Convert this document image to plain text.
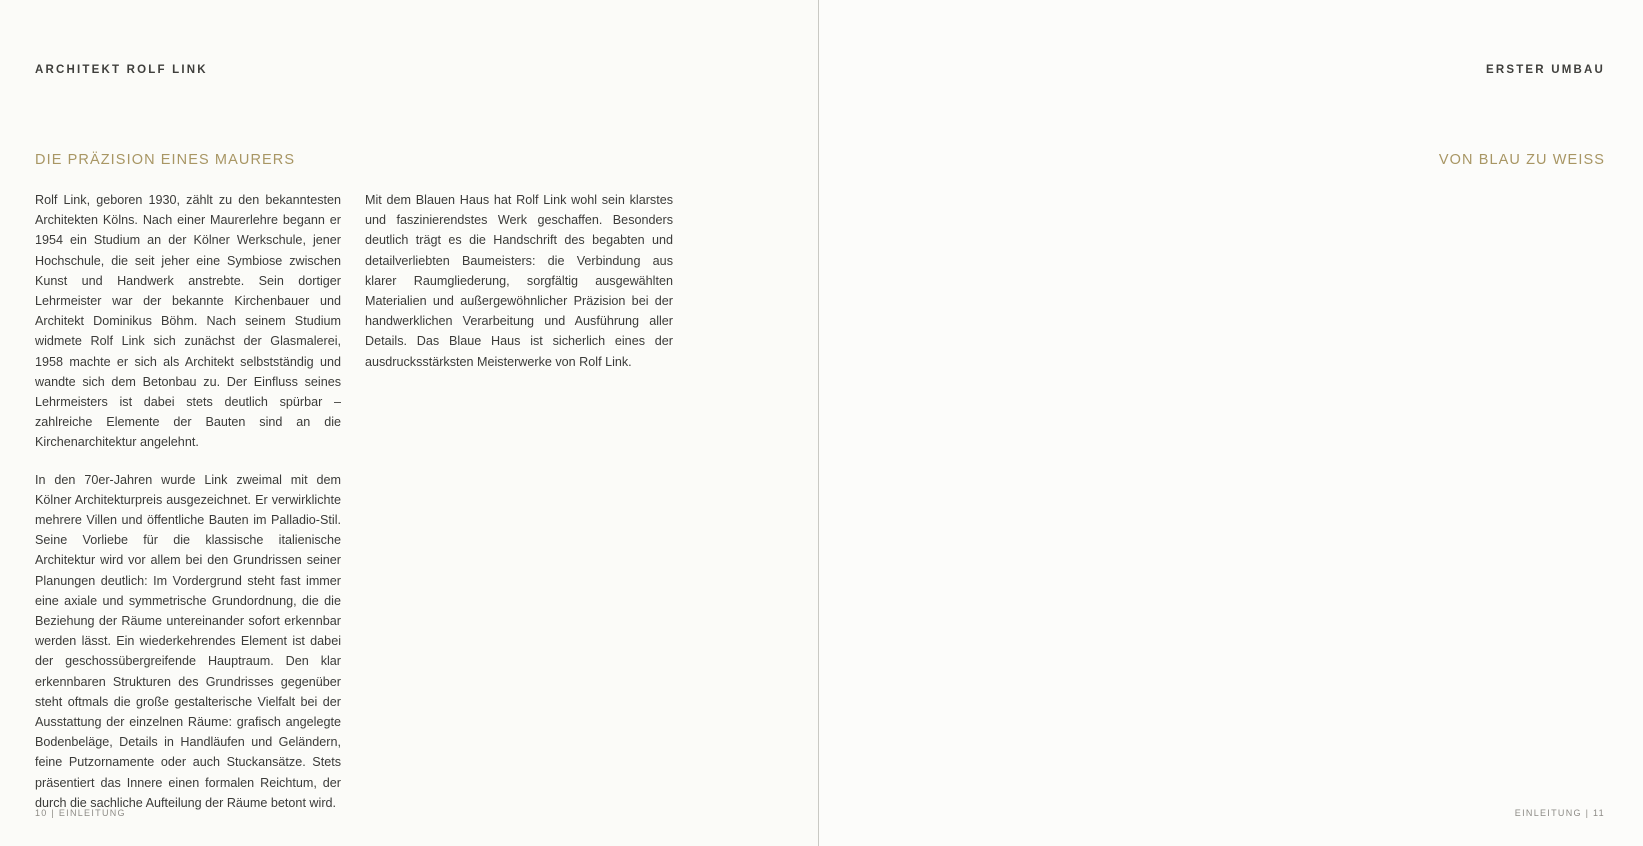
ARCHITEKT ROLF LINK
DIE PRÄZISION EINES MAURERS

Rolf Link, geboren 1930, zählt zu den bekanntesten Architekten Kölns. Nach einer Maurerlehre begann er 1954 ein Studium an der Kölner Werkschule, jener Hochschule, die seit jeher eine Symbiose zwischen Kunst und Handwerk anstrebte. Sein dortiger Lehrmeister war der bekannte Kirchenbauer und Architekt Dominikus Böhm. Nach seinem Studium widmete Rolf Link sich zunächst der Glasmalerei, 1958 machte er sich als Architekt selbstständig und wandte sich dem Betonbau zu. Der Einfluss seines Lehrmeisters ist dabei stets deutlich spürbar – zahlreiche Elemente der Bauten sind an die Kirchenarchitektur angelehnt.

In den 70er-Jahren wurde Link zweimal mit dem Kölner Architekturpreis ausgezeichnet. Er verwirklichte mehrere Villen und öffentliche Bauten im Palladio-Stil. Seine Vorliebe für die klassische italienische Architektur wird vor allem bei den Grundrissen seiner Planungen deutlich: Im Vordergrund steht fast immer eine axiale und symmetrische Grundordnung, die die Beziehung der Räume untereinander sofort erkennbar werden lässt. Ein wiederkehrendes Element ist dabei der geschossübergreifende Hauptraum. Den klar erkennbaren Strukturen des Grundrisses gegenüber steht oftmals die große gestalterische Vielfalt bei der Ausstattung der einzelnen Räume: grafisch angelegte Bodenbeläge, Details in Handläufen und Geländern, feine Putzornamente oder auch Stuckansätze. Stets präsentiert das Innere einen formalen Reichtum, der durch die sachliche Aufteilung der Räume betont wird.

Mit dem Blauen Haus hat Rolf Link wohl sein klarstes und faszinierendstes Werk geschaffen. Besonders deutlich trägt es die Handschrift des begabten und detailverliebten Baumeisters: die Verbindung aus klarer Raumgliederung, sorgfältig ausgewählten Materialien und außergewöhnlicher Präzision bei der handwerklichen Verarbeitung und Ausführung aller Details. Das Blaue Haus ist sicherlich eines der ausdrucksstärksten Meisterwerke von Rolf Link.

10 | EINLEITUNG
ERSTER UMBAU
VON BLAU ZU WEISS

EINLEITUNG | 11
